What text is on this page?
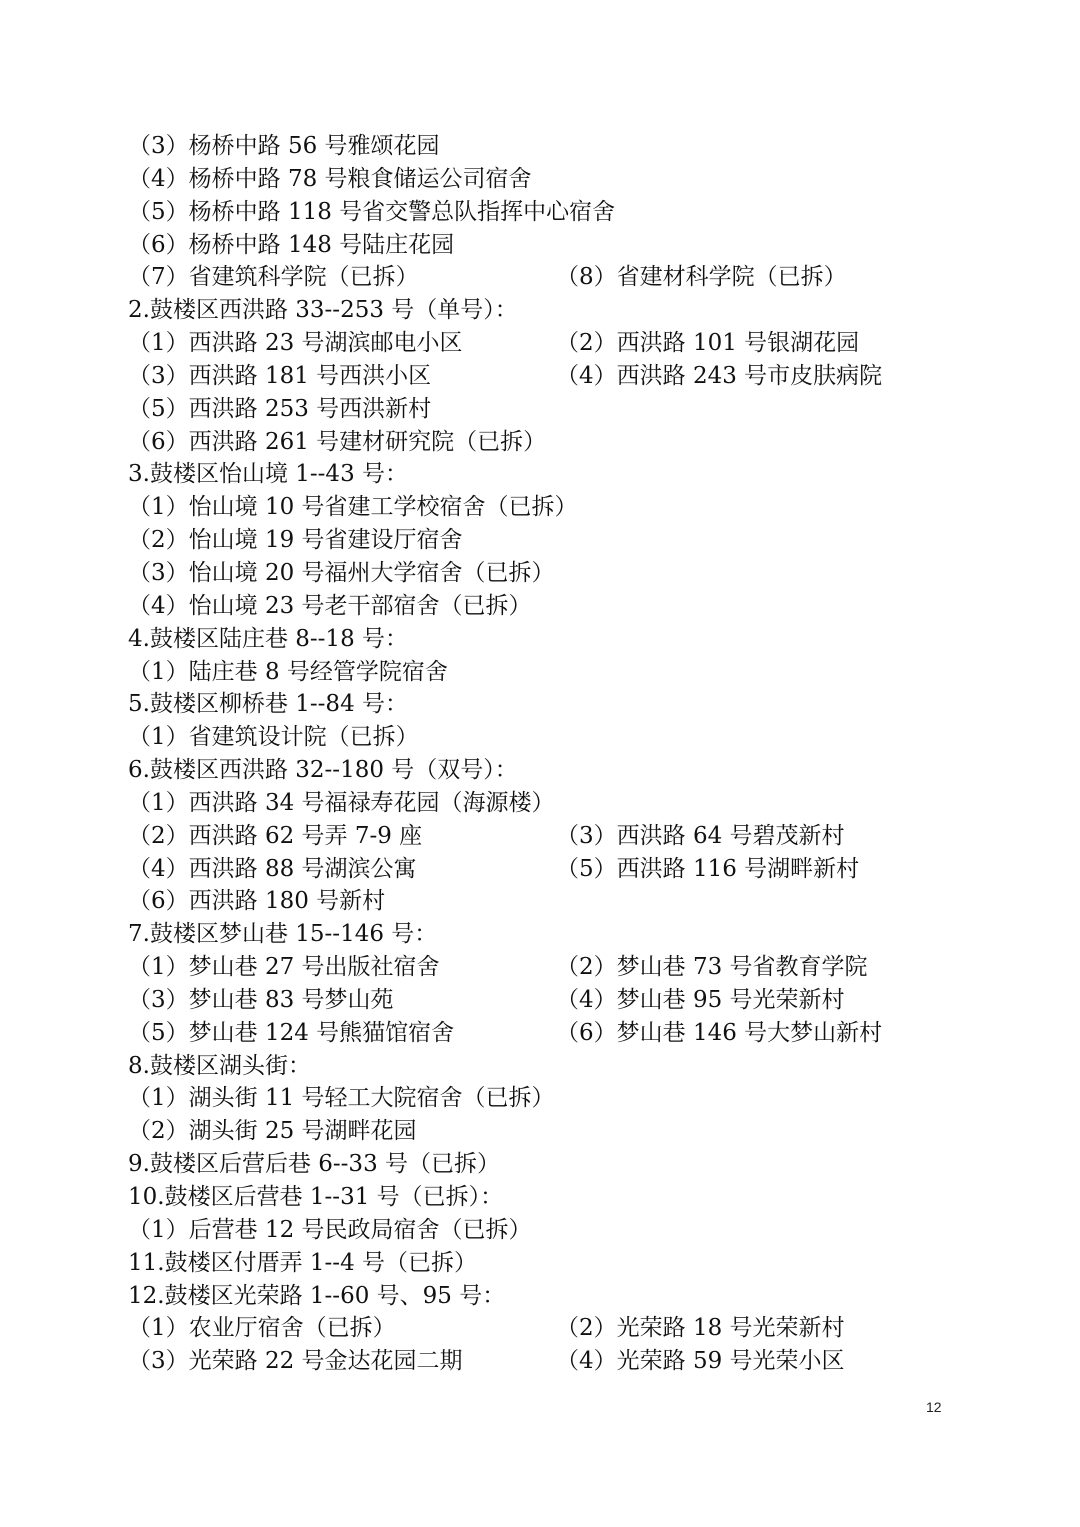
（3）杨桥中路 56 号雅颂花园
（4）杨桥中路 78 号粮食储运公司宿舍
（5）杨桥中路 118 号省交警总队指挥中心宿舍
（6）杨桥中路 148 号陆庄花园
（7）省建筑科学院（已拆）	（8）省建材科学院（已拆）
2.鼓楼区西洪路 33--253 号（单号）：
（1）西洪路 23 号湖滨邮电小区	（2）西洪路 101 号银湖花园
（3）西洪路 181 号西洪小区	（4）西洪路 243 号市皮肤病院
（5）西洪路 253 号西洪新村
（6）西洪路 261 号建材研究院（已拆）
3.鼓楼区怡山境 1--43 号：
（1）怡山境 10 号省建工学校宿舍（已拆）
（2）怡山境 19 号省建设厅宿舍
（3）怡山境 20 号福州大学宿舍（已拆）
（4）怡山境 23 号老干部宿舍（已拆）
4.鼓楼区陆庄巷 8--18 号：
（1）陆庄巷 8 号经管学院宿舍
5.鼓楼区柳桥巷 1--84 号：
（1）省建筑设计院（已拆）
6.鼓楼区西洪路 32--180 号（双号）：
（1）西洪路 34 号福禄寿花园（海源楼）
（2）西洪路 62 号弄 7-9 座	（3）西洪路 64 号碧茂新村
（4）西洪路 88 号湖滨公寓	（5）西洪路 116 号湖畔新村
（6）西洪路 180 号新村
7.鼓楼区梦山巷 15--146 号：
（1）梦山巷 27 号出版社宿舍	（2）梦山巷 73 号省教育学院
（3）梦山巷 83 号梦山苑	（4）梦山巷 95 号光荣新村
（5）梦山巷 124 号熊猫馆宿舍	（6）梦山巷 146 号大梦山新村
8.鼓楼区湖头街：
（1）湖头街 11 号轻工大院宿舍（已拆）
（2）湖头街 25 号湖畔花园
9.鼓楼区后营后巷 6--33 号（已拆）
10.鼓楼区后营巷 1--31 号（已拆）：
（1）后营巷 12 号民政局宿舍（已拆）
11.鼓楼区付厝弄 1--4 号（已拆）
12.鼓楼区光荣路 1--60 号、95 号：
（1）农业厅宿舍（已拆）	（2）光荣路 18 号光荣新村
（3）光荣路 22 号金达花园二期	（4）光荣路 59 号光荣小区
12
